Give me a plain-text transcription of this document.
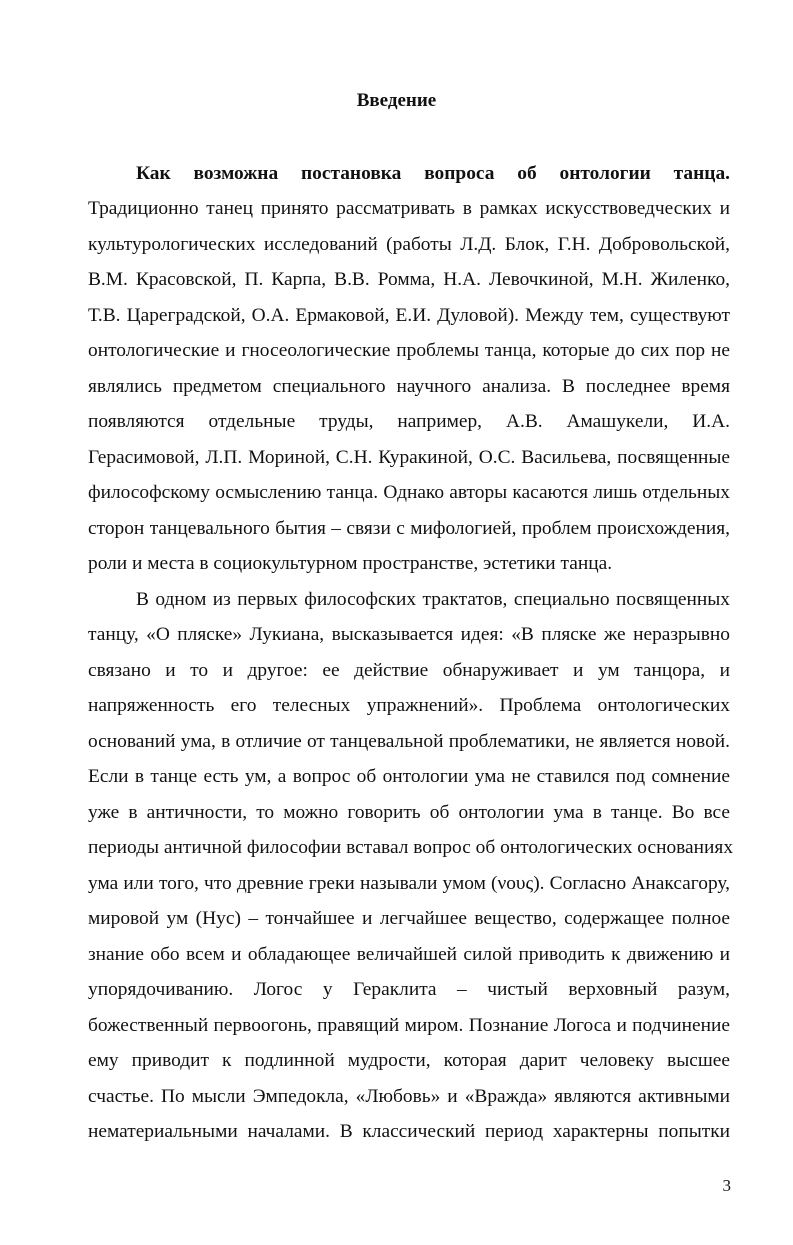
Введение
Как возможна постановка вопроса об онтологии танца.
Традиционно танец принято рассматривать в рамках искусствоведческих и
культурологических исследований (работы Л.Д. Блок, Г.Н. Добровольской,
В.М. Красовской, П. Карпа, В.В. Ромма, Н.А. Левочкиной, М.Н. Жиленко,
Т.В. Цареградской, О.А. Ермаковой, Е.И. Дуловой). Между тем, существуют
онтологические и гносеологические проблемы танца, которые до сих пор не
являлись предметом специального научного анализа. В последнее время
появляются отдельные труды, например, А.В. Амашукели, И.А.
Герасимовой, Л.П. Мориной, С.Н. Куракиной, О.С. Васильева, посвященные
философскому осмыслению танца. Однако авторы касаются лишь отдельных
сторон танцевального бытия – связи с мифологией, проблем происхождения,
роли и места в социокультурном пространстве, эстетики танца.
В одном из первых философских трактатов, специально посвященных
танцу, «О пляске» Лукиана, высказывается идея: «В пляске же неразрывно
связано и то и другое: ее действие обнаруживает и ум танцора, и
напряженность его телесных упражнений». Проблема онтологических
оснований ума, в отличие от танцевальной проблематики, не является новой.
Если в танце есть ум, а вопрос об онтологии ума не ставился под сомнение
уже в античности, то можно говорить об онтологии ума в танце. Во все
периоды античной философии вставал вопрос об онтологических основаниях
ума или того, что древние греки называли умом (νους). Согласно Анаксагору,
мировой ум (Нус) – тончайшее и легчайшее вещество, содержащее полное
знание обо всем и обладающее величайшей силой приводить к движению и
упорядочиванию. Логос у Гераклита – чистый верховный разум,
божественный первоогонь, правящий миром. Познание Логоса и подчинение
ему приводит к подлинной мудрости, которая дарит человеку высшее
счастье. По мысли Эмпедокла, «Любовь» и «Вражда» являются активными
нематериальными началами. В классический период характерны попытки
3
